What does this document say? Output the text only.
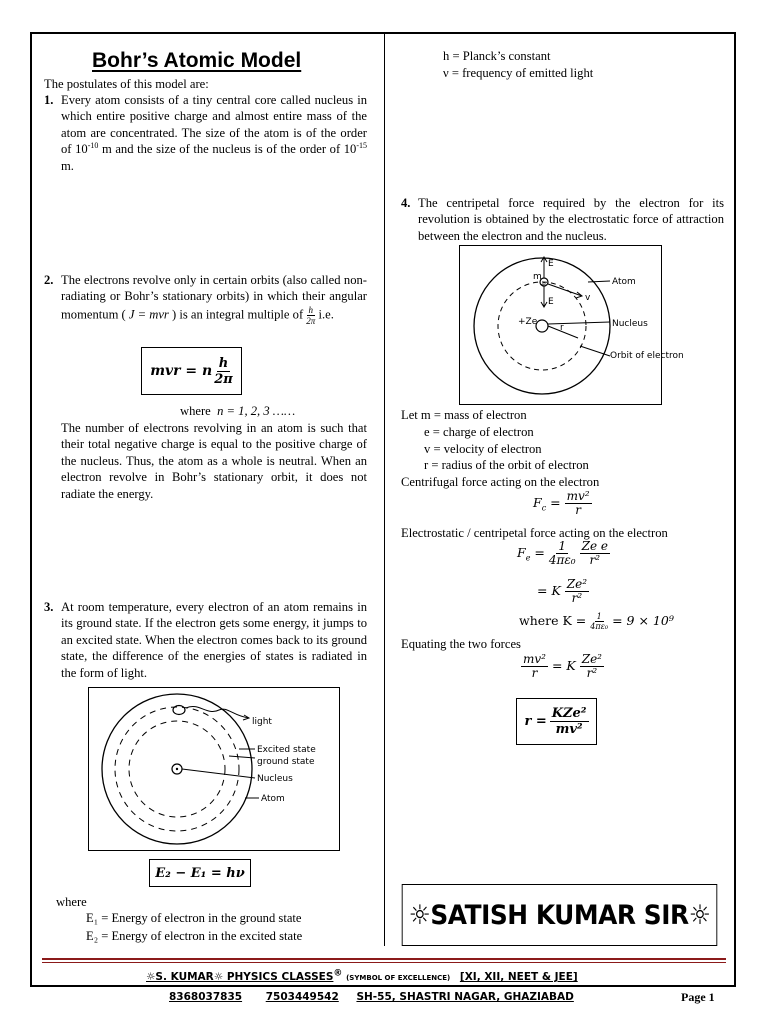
Bohr’s Atomic Model
The postulates of this model are:
1. Every atom consists of a tiny central core called nucleus in which entire positive charge and almost entire mass of the atom are concentrated. The size of the atom is of the order of $10^{-10}$ m and the size of the nucleus is of the order of $10^{-15}$ m.
2. The electrons revolve only in certain orbits (also called non-radiating or Bohr’s stationary orbits) in which their angular momentum ( J = mvr ) is an integral multiple of $\frac{h}{2\pi} i.e$.
mvr = n $\frac{h}{2\pi}$
where n = 1, 2, 3 ……
The number of electrons revolving in an atom is such that their total negative charge is equal to the positive charge of the nucleus. Thus, the atom as a whole is neutral. When an electron revolve in Bohr’s stationary orbit, it does not radiate the energy.
3. At room temperature, every electron of an atom remains in its ground state. If the electron gets some energy, it jumps to an excited state. When the electron comes back to its ground state, the difference of the energies of states is radiated in the form of light.
light
Excited state
ground state
Nucleus
Atom
E₂ − E₁ = hν
where
E₁ = Energy of electron in the ground state
E₂ = Energy of electron in the excited state
h = Planck’s constant
ν = frequency of emitted light
4. The centripetal force required by the electron for its revolution is obtained by the electrostatic force of attraction between the electron and the nucleus.
E
m
-e
E	v
+Ze
r
Atom
Nucleus
Orbit of electron
Let m = mass of electron
e = charge of electron
v = velocity of electron
r = radius of the orbit of electron
Centrifugal force acting on the electron
$F_c = \frac{\text{mv²}}{r}$
Electrostatic / centripetal force acting on the electron
$F_e = \frac{1}{\text{4πε₀}}$
$\frac{\text{Ze e}}{\text{r²}}$
= K $\frac{\text{Ze²}}{\text{r²}}$
where $K = \frac{1}{\text{4πε₀}} = 9 \times 10^9$
Equating the two forces
$\frac{\text{mv²}}{r} = K \frac{\text{Ze²}}{\text{r²}}$
$r = \frac{\text{KZe²}}{\text{mv²}}$
☼SATISH KUMAR SIR☼
☼S. KUMAR☼ PHYSICS CLASSES® (SYMBOL OF EXCELLENCE) [XI, XII, NEET & JEE]
8368037835 7503449542 SH-55, SHASTRI NAGAR, GHAZIABAD	Page 1
